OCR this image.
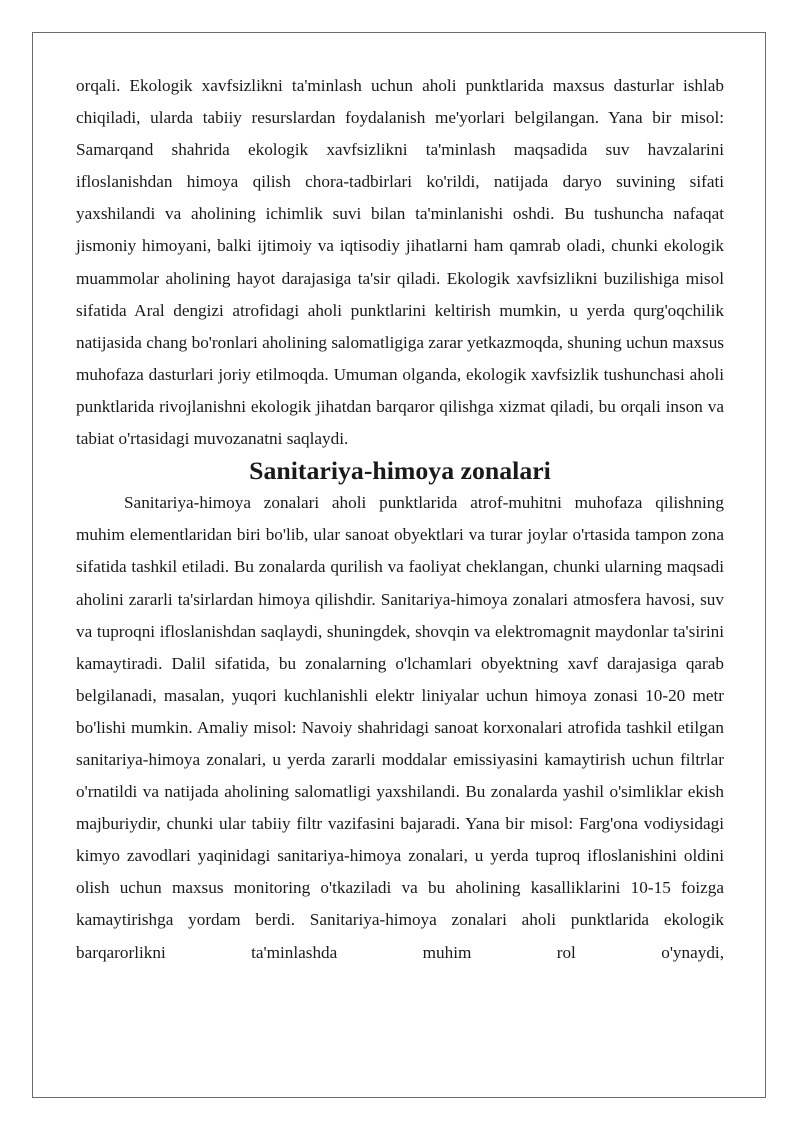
orqali. Ekologik xavfsizlikni ta'minlash uchun aholi punktlarida maxsus dasturlar ishlab chiqiladi, ularda tabiiy resurslardan foydalanish me'yorlari belgilangan. Yana bir misol: Samarqand shahrida ekologik xavfsizlikni ta'minlash maqsadida suv havzalarini ifloslanishdan himoya qilish chora-tadbirlari ko'rildi, natijada daryo suvining sifati yaxshilandi va aholining ichimlik suvi bilan ta'minlanishi oshdi. Bu tushuncha nafaqat jismoniy himoyani, balki ijtimoiy va iqtisodiy jihatlarni ham qamrab oladi, chunki ekologik muammolar aholining hayot darajasiga ta'sir qiladi. Ekologik xavfsizlikni buzilishiga misol sifatida Aral dengizi atrofidagi aholi punktlarini keltirish mumkin, u yerda qurg'oqchilik natijasida chang bo'ronlari aholining salomatligiga zarar yetkazmoqda, shuning uchun maxsus muhofaza dasturlari joriy etilmoqda. Umuman olganda, ekologik xavfsizlik tushunchasi aholi punktlarida rivojlanishni ekologik jihatdan barqaror qilishga xizmat qiladi, bu orqali inson va tabiat o'rtasidagi muvozanatni saqlaydi.

Sanitariya-himoya zonalari

Sanitariya-himoya zonalari aholi punktlarida atrof-muhitni muhofaza qilishning muhim elementlaridan biri bo'lib, ular sanoat obyektlari va turar joylar o'rtasida tampon zona sifatida tashkil etiladi. Bu zonalarda qurilish va faoliyat cheklangan, chunki ularning maqsadi aholini zararli ta'sirlardan himoya qilishdir. Sanitariya-himoya zonalari atmosfera havosi, suv va tuproqni ifloslanishdan saqlaydi, shuningdek, shovqin va elektromagnit maydonlar ta'sirini kamaytiradi. Dalil sifatida, bu zonalarning o'lchamlari obyektning xavf darajasiga qarab belgilanadi, masalan, yuqori kuchlanishli elektr liniyalar uchun himoya zonasi 10-20 metr bo'lishi mumkin. Amaliy misol: Navoiy shahridagi sanoat korxonalari atrofida tashkil etilgan sanitariya-himoya zonalari, u yerda zararli moddalar emissiyasini kamaytirish uchun filtrlar o'rnatildi va natijada aholining salomatligi yaxshilandi. Bu zonalarda yashil o'simliklar ekish majburiydir, chunki ular tabiiy filtr vazifasini bajaradi. Yana bir misol: Farg'ona vodiysidagi kimyo zavodlari yaqinidagi sanitariya-himoya zonalari, u yerda tuproq ifloslanishini oldini olish uchun maxsus monitoring o'tkaziladi va bu aholining kasalliklarini 10-15 foizga kamaytirishga yordam berdi. Sanitariya-himoya zonalari aholi punktlarida ekologik barqarorlikni ta'minlashda muhim rol o'ynaydi,
